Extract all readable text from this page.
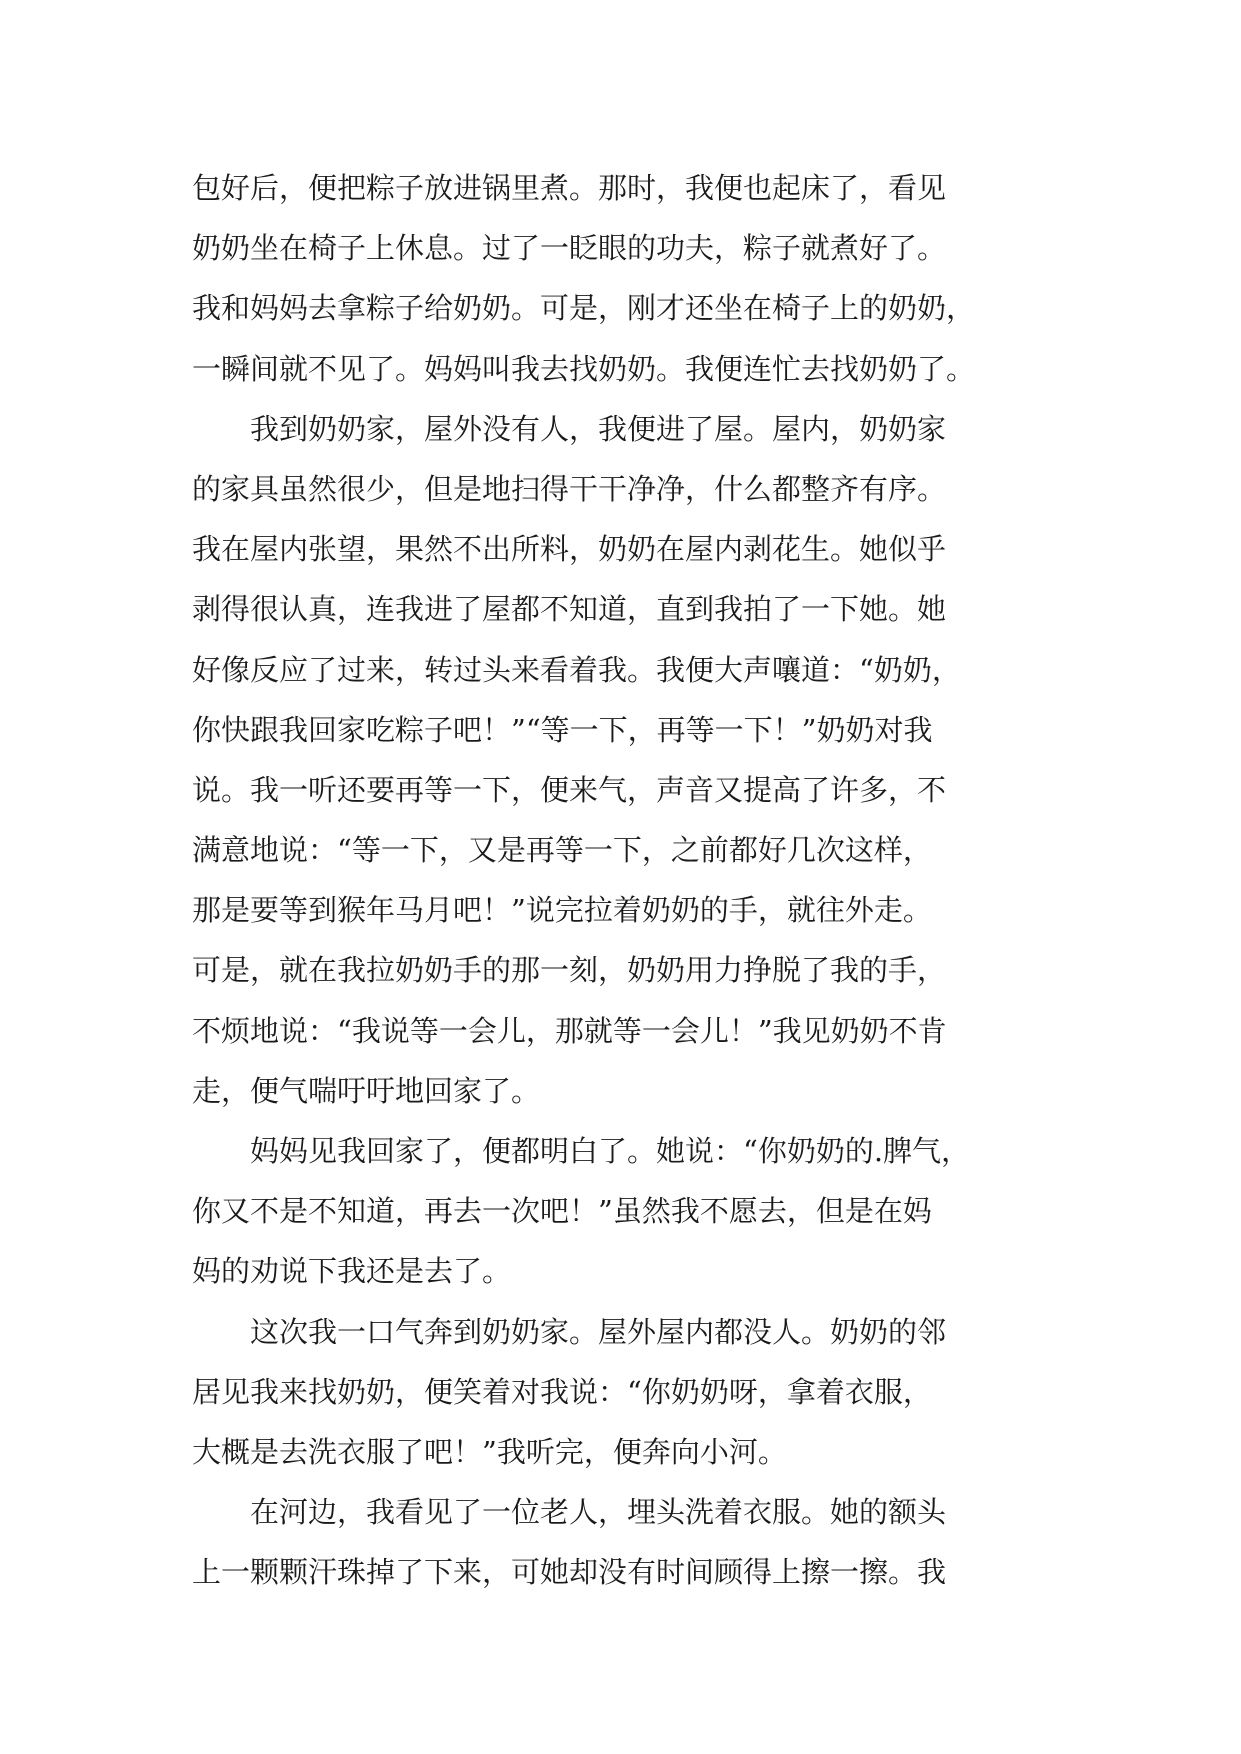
包好后，便把粽子放进锅里煮。那时，我便也起床了，看见
奶奶坐在椅子上休息。过了一眨眼的功夫，粽子就煮好了。
我和妈妈去拿粽子给奶奶。可是，刚才还坐在椅子上的奶奶，
一瞬间就不见了。妈妈叫我去找奶奶。我便连忙去找奶奶了。
　　我到奶奶家，屋外没有人，我便进了屋。屋内，奶奶家
的家具虽然很少，但是地扫得干干净净，什么都整齐有序。
我在屋内张望，果然不出所料，奶奶在屋内剥花生。她似乎
剥得很认真，连我进了屋都不知道，直到我拍了一下她。她
好像反应了过来，转过头来看着我。我便大声嚷道：“奶奶，
你快跟我回家吃粽子吧！”“等一下，再等一下！”奶奶对我
说。我一听还要再等一下，便来气，声音又提高了许多，不
满意地说：“等一下，又是再等一下，之前都好几次这样，
那是要等到猴年马月吧！”说完拉着奶奶的手，就往外走。
可是，就在我拉奶奶手的那一刻，奶奶用力挣脱了我的手，
不烦地说：“我说等一会儿，那就等一会儿！”我见奶奶不肯
走，便气喘吁吁地回家了。
　　妈妈见我回家了，便都明白了。她说：“你奶奶的.脾气，
你又不是不知道，再去一次吧！”虽然我不愿去，但是在妈
妈的劝说下我还是去了。
　　这次我一口气奔到奶奶家。屋外屋内都没人。奶奶的邻
居见我来找奶奶，便笑着对我说：“你奶奶呀，拿着衣服，
大概是去洗衣服了吧！”我听完，便奔向小河。
　　在河边，我看见了一位老人，埋头洗着衣服。她的额头
上一颗颗汗珠掉了下来，可她却没有时间顾得上擦一擦。我
